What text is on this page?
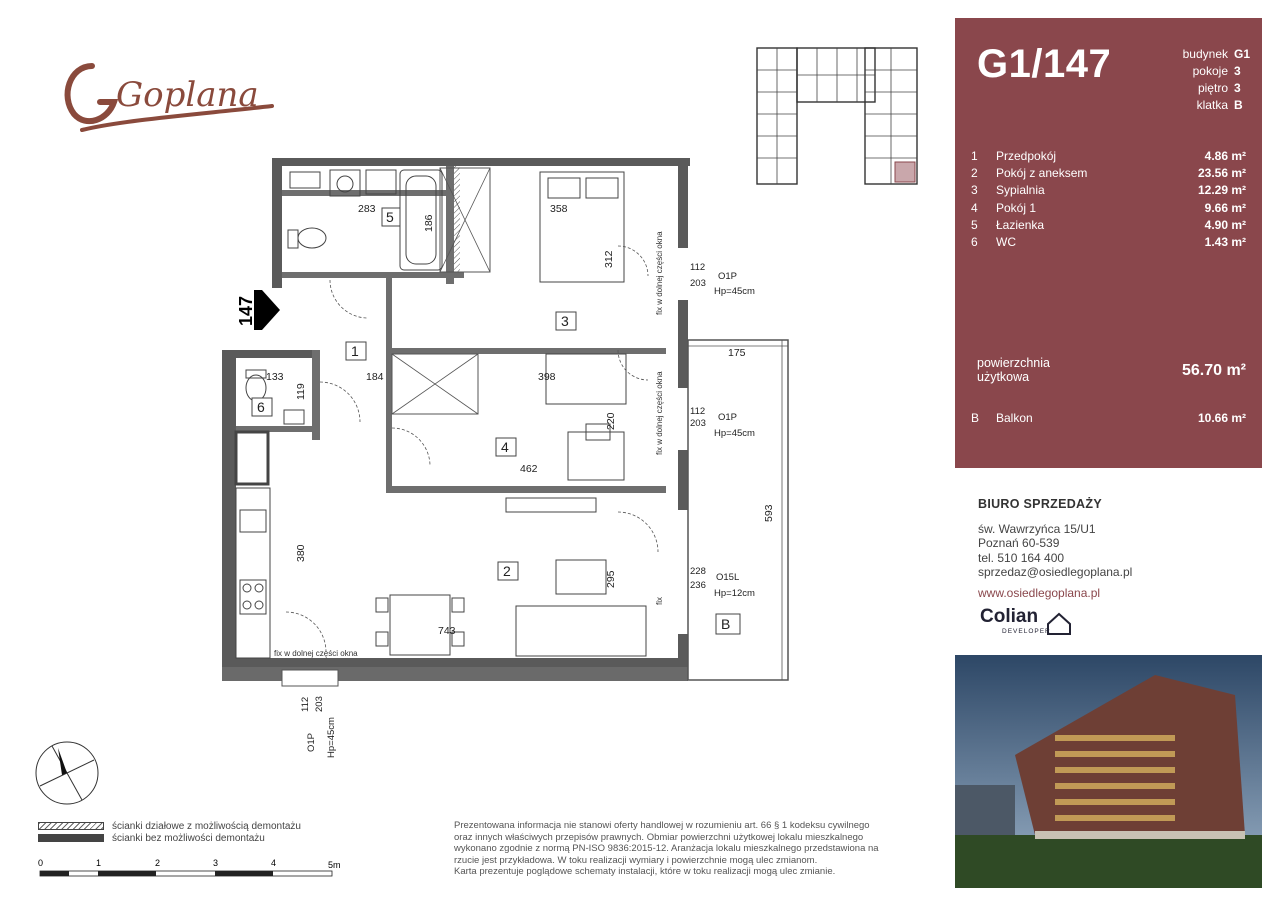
Goplana
147
5
3
1
6
4
2
B
283
186
358
312
133
119
184	398
220
462
175
593
380
295
743
112
203
O1P
Hp=45cm
112
203
O1P
Hp=45cm
228
236
O15L
Hp=12cm
112 203
O1P Hp=45cm
fix w dolnej części okna
fix w dolnej części okna
fix
fix w dolnej części okna
ścianki działowe z możliwością demontażu
ścianki bez możliwości demontażu
0	1	2	3	4	5m
Prezentowana informacja nie stanowi oferty handlowej w rozumieniu art. 66 § 1 kodeksu cywilnego
oraz innych właściwych przepisów prawnych. Obmiar powierzchni użytkowej lokalu mieszkalnego
wykonano zgodnie z normą PN-ISO 9836:2015-12. Aranżacja lokalu mieszkalnego przedstawiona na
rzucie jest przykładowa. W toku realizacji wymiary i powierzchnie mogą ulec zmianom.
Karta prezentuje poglądowe schematy instalacji, które w toku realizacji mogą ulec zmianie.
G1/147	budynek G1
pokoje 3
piętro 3
klatka B
1	Przedpokój	4.86 m²
2	Pokój z aneksem	23.56 m²
3	Sypialnia	12.29 m²
4	Pokój 1	9.66 m²
5	Łazienka	4.90 m²
6	WC	1.43 m²
powierzchnia
użytkowa	56.70 m²
B	Balkon	10.66 m²
BIURO SPRZEDAŻY
św. Wawrzyńca 15/U1
Poznań 60-539
tel. 510 164 400
sprzedaz@osiedlegoplana.pl
www.osiedlegoplana.pl
Colian
DEVELOPER
